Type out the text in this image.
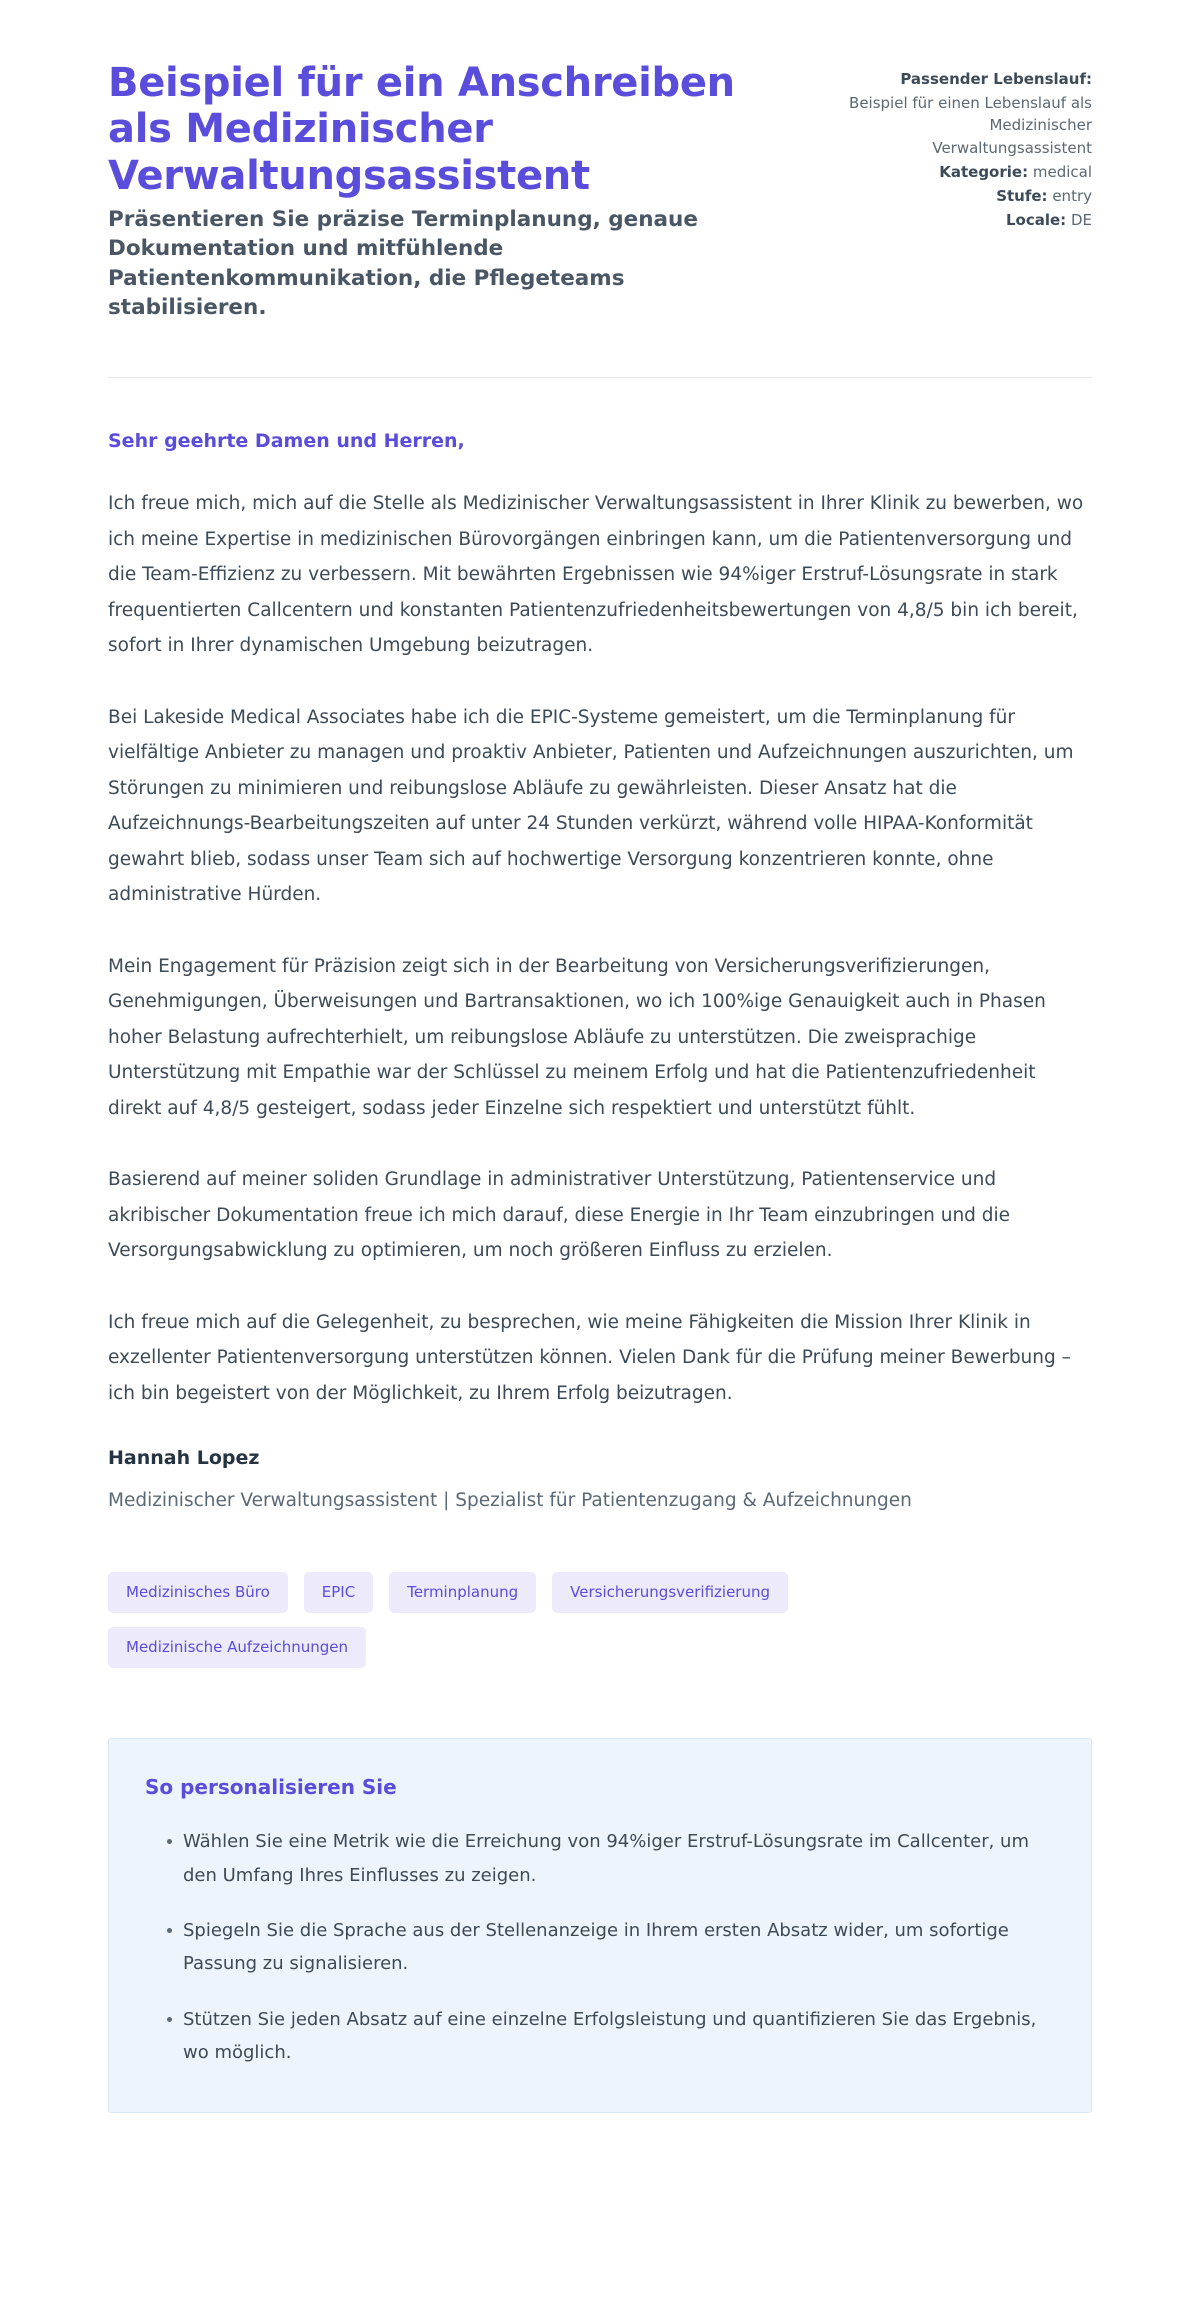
Beispiel für ein Anschreiben als Medizinischer Verwaltungsassistent

Präsentieren Sie präzise Terminplanung, genaue Dokumentation und mitfühlende Patientenkommunikation, die Pflegeteams stabilisieren.

Passender Lebenslauf:
Beispiel für einen Lebenslauf als Medizinischer Verwaltungsassistent
Kategorie: medical
Stufe: entry
Locale: DE

Sehr geehrte Damen und Herren,

Ich freue mich, mich auf die Stelle als Medizinischer Verwaltungsassistent in Ihrer Klinik zu bewerben, wo ich meine Expertise in medizinischen Bürovorgängen einbringen kann, um die Patientenversorgung und die Team-Effizienz zu verbessern. Mit bewährten Ergebnissen wie 94%iger Erstruf-Lösungsrate in stark frequentierten Callcentern und konstanten Patientenzufriedenheitsbewertungen von 4,8/5 bin ich bereit, sofort in Ihrer dynamischen Umgebung beizutragen.

Bei Lakeside Medical Associates habe ich die EPIC-Systeme gemeistert, um die Terminplanung für vielfältige Anbieter zu managen und proaktiv Anbieter, Patienten und Aufzeichnungen auszurichten, um Störungen zu minimieren und reibungslose Abläufe zu gewährleisten. Dieser Ansatz hat die Aufzeichnungs-Bearbeitungszeiten auf unter 24 Stunden verkürzt, während volle HIPAA-Konformität gewahrt blieb, sodass unser Team sich auf hochwertige Versorgung konzentrieren konnte, ohne administrative Hürden.

Mein Engagement für Präzision zeigt sich in der Bearbeitung von Versicherungsverifizierungen, Genehmigungen, Überweisungen und Bartransaktionen, wo ich 100%ige Genauigkeit auch in Phasen hoher Belastung aufrechterhielt, um reibungslose Abläufe zu unterstützen. Die zweisprachige Unterstützung mit Empathie war der Schlüssel zu meinem Erfolg und hat die Patientenzufriedenheit direkt auf 4,8/5 gesteigert, sodass jeder Einzelne sich respektiert und unterstützt fühlt.

Basierend auf meiner soliden Grundlage in administrativer Unterstützung, Patientenservice und akribischer Dokumentation freue ich mich darauf, diese Energie in Ihr Team einzubringen und die Versorgungsabwicklung zu optimieren, um noch größeren Einfluss zu erzielen.

Ich freue mich auf die Gelegenheit, zu besprechen, wie meine Fähigkeiten die Mission Ihrer Klinik in exzellenter Patientenversorgung unterstützen können. Vielen Dank für die Prüfung meiner Bewerbung – ich bin begeistert von der Möglichkeit, zu Ihrem Erfolg beizutragen.

Hannah Lopez

Medizinischer Verwaltungsassistent | Spezialist für Patientenzugang & Aufzeichnungen

Medizinisches Büro	EPIC	Terminplanung	Versicherungsverifizierung
Medizinische Aufzeichnungen
So personalisieren Sie
Wählen Sie eine Metrik wie die Erreichung von 94%iger Erstruf-Lösungsrate im Callcenter, um den Umfang Ihres Einflusses zu zeigen.
Spiegeln Sie die Sprache aus der Stellenanzeige in Ihrem ersten Absatz wider, um sofortige Passung zu signalisieren.
Stützen Sie jeden Absatz auf eine einzelne Erfolgsleistung und quantifizieren Sie das Ergebnis, wo möglich.
